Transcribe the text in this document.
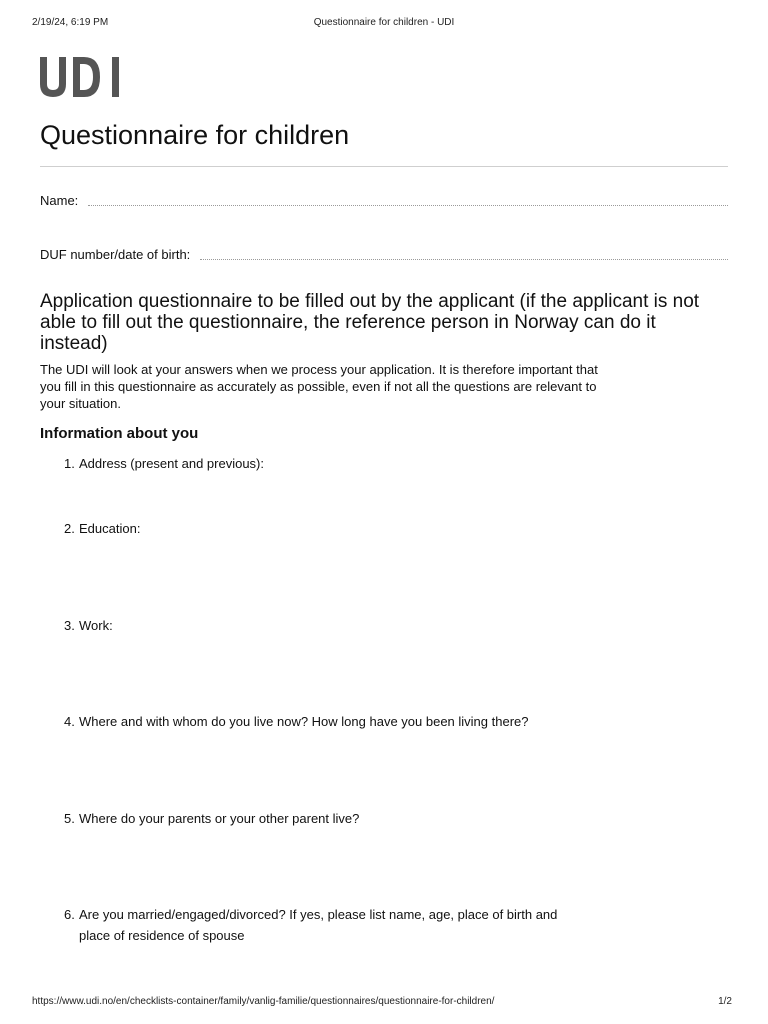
2/19/24, 6:19 PM	Questionnaire for children - UDI
Questionnaire for children
Name:
DUF number/date of birth:
Application questionnaire to be filled out by the applicant (if the applicant is not able to fill out the questionnaire, the reference person in Norway can do it instead)

The UDI will look at your answers when we process your application. It is therefore important that you fill in this questionnaire as accurately as possible, even if not all the questions are relevant to your situation.

Information about you
1. Address (present and previous):
2. Education:
3. Work:
4. Where and with whom do you live now? How long have you been living there?
5. Where do your parents or your other parent live?
6. Are you married/engaged/divorced? If yes, please list name, age, place of birth and
place of residence of spouse
https://www.udi.no/en/checklists-container/family/vanlig-familie/questionnaires/questionnaire-for-children/	1/2
